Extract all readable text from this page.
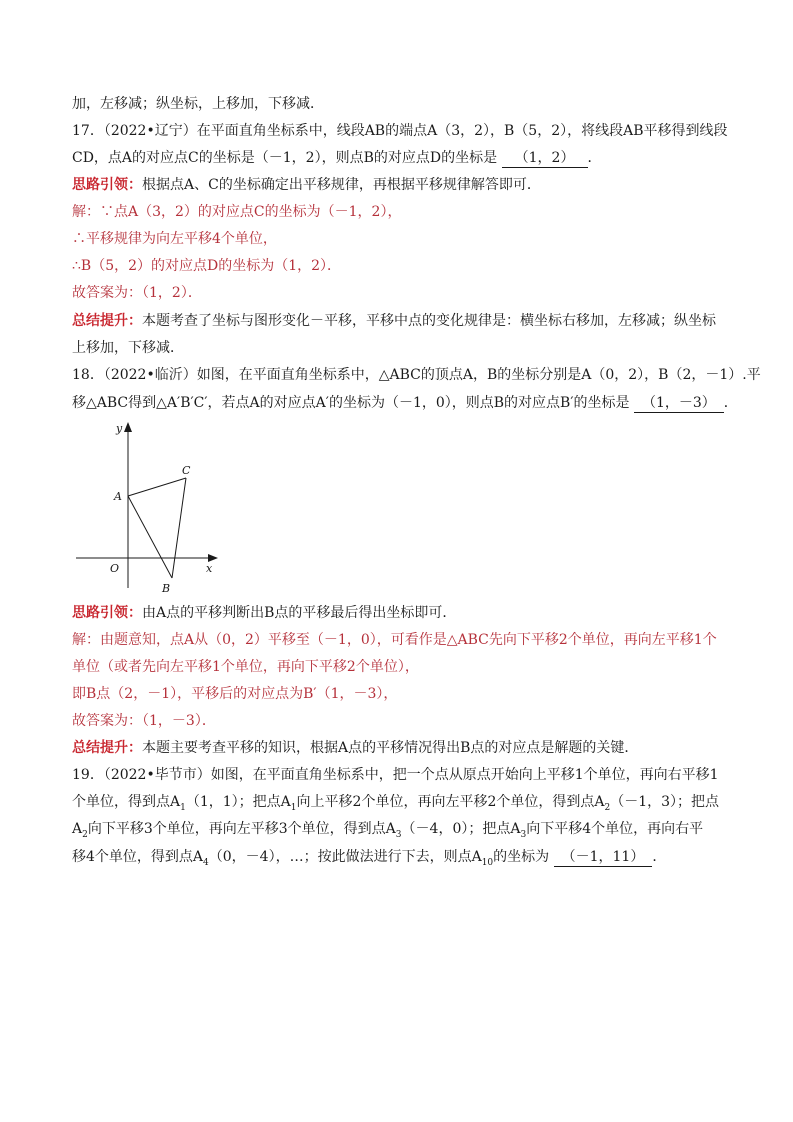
加，左移减；纵坐标，上移加，下移减．
17．（2022•辽宁）在平面直角坐标系中，线段AB的端点A（3，2），B（5，2），将线段AB平移得到线段
CD，点A的对应点C的坐标是（－1，2），则点B的对应点D的坐标是 （1，2） ．
思路引领：根据点A、C的坐标确定出平移规律，再根据平移规律解答即可．
解：∵点A（3，2）的对应点C的坐标为（－1，2），
∴平移规律为向左平移4个单位，
∴B（5，2）的对应点D的坐标为（1，2）．
故答案为：（1，2）．
总结提升：本题考查了坐标与图形变化－平移，平移中点的变化规律是：横坐标右移加，左移减；纵坐标
上移加，下移减．
18．（2022•临沂）如图，在平面直角坐标系中，△ABC的顶点A，B的坐标分别是A（0，2），B（2，－1）.平
移△ABC得到△A′B′C′，若点A的对应点A′的坐标为（－1，0），则点B的对应点B′的坐标是 （1，－3） ．
y
x
O
A
B
C
思路引领：由A点的平移判断出B点的平移最后得出坐标即可．
解：由题意知，点A从（0，2）平移至（－1，0），可看作是△ABC先向下平移2个单位，再向左平移1个
单位（或者先向左平移1个单位，再向下平移2个单位），
即B点（2，－1），平移后的对应点为B′（1，－3），
故答案为：（1，－3）．
总结提升：本题主要考查平移的知识，根据A点的平移情况得出B点的对应点是解题的关键．
19．（2022•毕节市）如图，在平面直角坐标系中，把一个点从原点开始向上平移1个单位，再向右平移1
个单位，得到点$A_1(1$，1）；把点$A_1$向上平移2个单位，再向左平移2个单位，得到点$A_2(-1$，3）；把点
$A_2$向下平移3个单位，再向左平移3个单位，得到点$A_3(-4$，0）；把点$A_3$向下平移4个单位，再向右平
移4个单位，得到点$A_4(0$，－4），…；按此做法进行下去，则点$A_{10}$的坐标为 （－1，11） ．
